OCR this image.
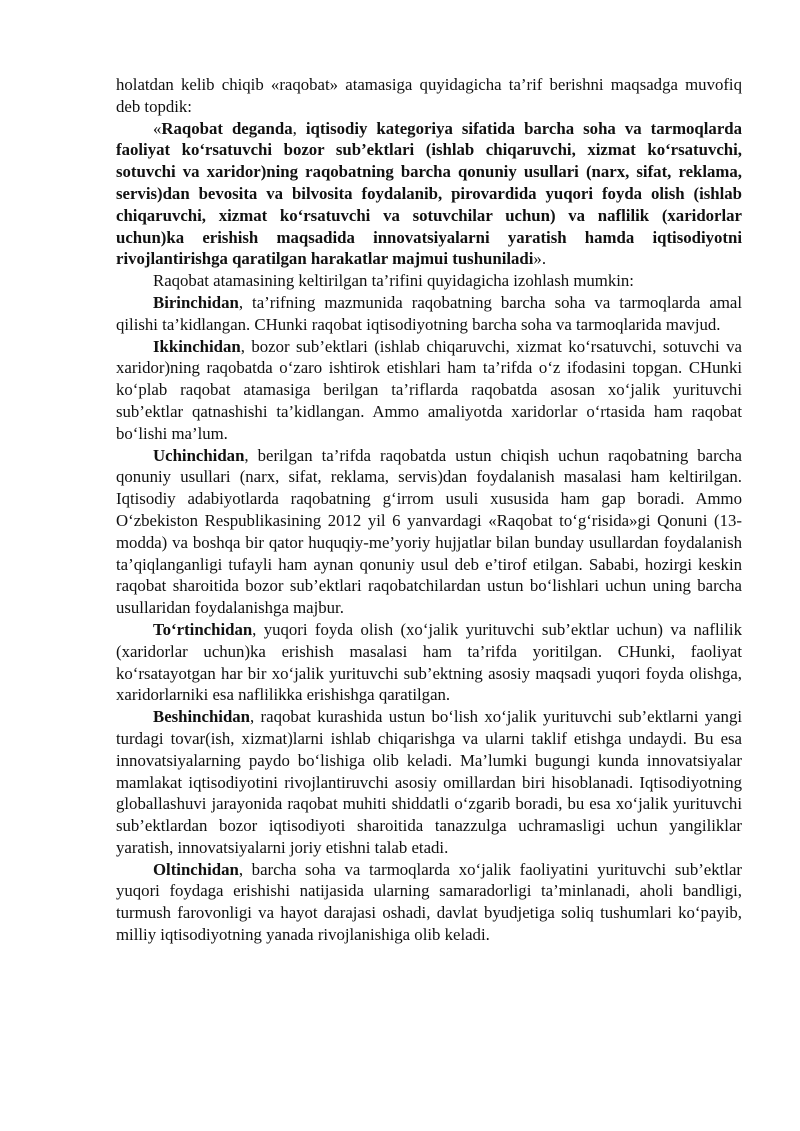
holatdan kelib chiqib «raqobat» atamasiga quyidagicha ta’rif berishni maqsadga muvofiq deb topdik:

«Raqobat deganda, iqtisodiy kategoriya sifatida barcha soha va tarmoqlarda faoliyat ko‘rsatuvchi bozor sub’ektlari (ishlab chiqaruvchi, xizmat ko‘rsatuvchi, sotuvchi va xaridor)ning raqobatning barcha qonuniy usullari (narx, sifat, reklama, servis)dan bevosita va bilvosita foydalanib, pirovardida yuqori foyda olish (ishlab chiqaruvchi, xizmat ko‘rsatuvchi va sotuvchilar uchun) va naflilik (xaridorlar uchun)ka erishish maqsadida innovatsiyalarni yaratish hamda iqtisodiyotni rivojlantirishga qaratilgan harakatlar majmui tushuniladi».

Raqobat atamasining keltirilgan ta’rifini quyidagicha izohlash mumkin:

Birinchidan, ta’rifning mazmunida raqobatning barcha soha va tarmoqlarda amal qilishi ta’kidlangan. CHunki raqobat iqtisodiyotning barcha soha va tarmoqlarida mavjud.

Ikkinchidan, bozor sub’ektlari (ishlab chiqaruvchi, xizmat ko‘rsatuvchi, sotuvchi va xaridor)ning raqobatda o‘zaro ishtirok etishlari ham ta’rifda o‘z ifodasini topgan. CHunki ko‘plab raqobat atamasiga berilgan ta’riflarda raqobatda asosan xo‘jalik yurituvchi sub’ektlar qatnashishi ta’kidlangan. Ammo amaliyotda xaridorlar o‘rtasida ham raqobat bo‘lishi ma’lum.

Uchinchidan, berilgan ta’rifda raqobatda ustun chiqish uchun raqobatning barcha qonuniy usullari (narx, sifat, reklama, servis)dan foydalanish masalasi ham keltirilgan. Iqtisodiy adabiyotlarda raqobatning g‘irrom usuli xususida ham gap boradi. Ammo O‘zbekiston Respublikasining 2012 yil 6 yanvardagi «Raqobat to‘g‘risida»gi Qonuni (13-modda) va boshqa bir qator huquqiy-me’yoriy hujjatlar bilan bunday usullardan foydalanish ta’qiqlanganligi tufayli ham aynan qonuniy usul deb e’tirof etilgan. Sababi, hozirgi keskin raqobat sharoitida bozor sub’ektlari raqobatchilardan ustun bo‘lishlari uchun uning barcha usullaridan foydalanishga majbur.

To‘rtinchidan, yuqori foyda olish (xo‘jalik yurituvchi sub’ektlar uchun) va naflilik (xaridorlar uchun)ka erishish masalasi ham ta’rifda yoritilgan. CHunki, faoliyat ko‘rsatayotgan har bir xo‘jalik yurituvchi sub’ektning asosiy maqsadi yuqori foyda olishga, xaridorlarniki esa naflilikka erishishga qaratilgan.

Beshinchidan, raqobat kurashida ustun bo‘lish xo‘jalik yurituvchi sub’ektlarni yangi turdagi tovar(ish, xizmat)larni ishlab chiqarishga va ularni taklif etishga undaydi. Bu esa innovatsiyalarning paydo bo‘lishiga olib keladi. Ma’lumki bugungi kunda innovatsiyalar mamlakat iqtisodiyotini rivojlantiruvchi asosiy omillardan biri hisoblanadi. Iqtisodiyotning globallashuvi jarayonida raqobat muhiti shiddatli o‘zgarib boradi, bu esa xo‘jalik yurituvchi sub’ektlardan bozor iqtisodiyoti sharoitida tanazzulga uchramasligi uchun yangiliklar yaratish, innovatsiyalarni joriy etishni talab etadi.

Oltinchidan, barcha soha va tarmoqlarda xo‘jalik faoliyatini yurituvchi sub’ektlar yuqori foydaga erishishi natijasida ularning samaradorligi ta’minlanadi, aholi bandligi, turmush farovonligi va hayot darajasi oshadi, davlat byudjetiga soliq tushumlari ko‘payib, milliy iqtisodiyotning yanada rivojlanishiga olib keladi.
